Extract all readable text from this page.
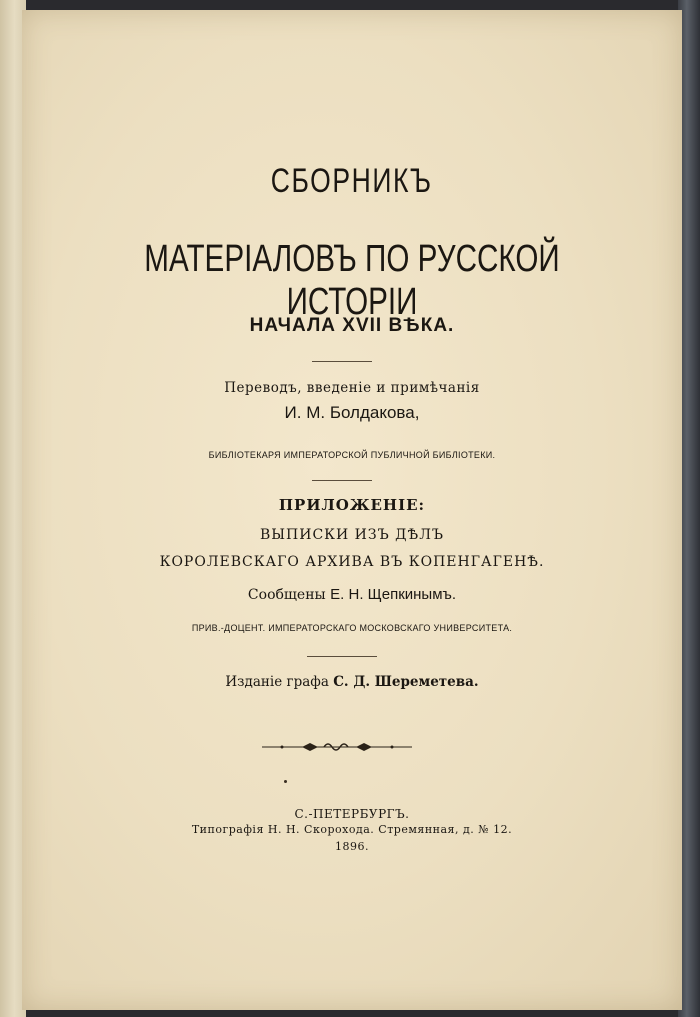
СБОРНИКЪ

МАТЕРІАЛОВЪ ПО РУССКОЙ ИСТОРІИ

НАЧАЛА XVII ВѢКА.

Переводъ, введеніе и примѣчанія

И. М. Болдакова,

БИБЛІОТЕКАРЯ ИМПЕРАТОРСКОЙ ПУБЛИЧНОЙ БИБЛІОТЕКИ.

ПРИЛОЖЕНІЕ:

ВЫПИСКИ ИЗЪ ДѢЛЪ

КОРОЛЕВСКАГО АРХИВА ВЪ КОПЕНГАГЕНѢ.

Сообщены Е. Н. Щепкинымъ.

ПРИВ.-ДОЦЕНТ. ИМПЕРАТОРСКАГО МОСКОВСКАГО УНИВЕРСИТЕТА.

Изданіе графа С. Д. Шереметева.

С.-ПЕТЕРБУРГЪ.

Типографія Н. Н. Скорохода. Стремянная, д. № 12.

1896.
